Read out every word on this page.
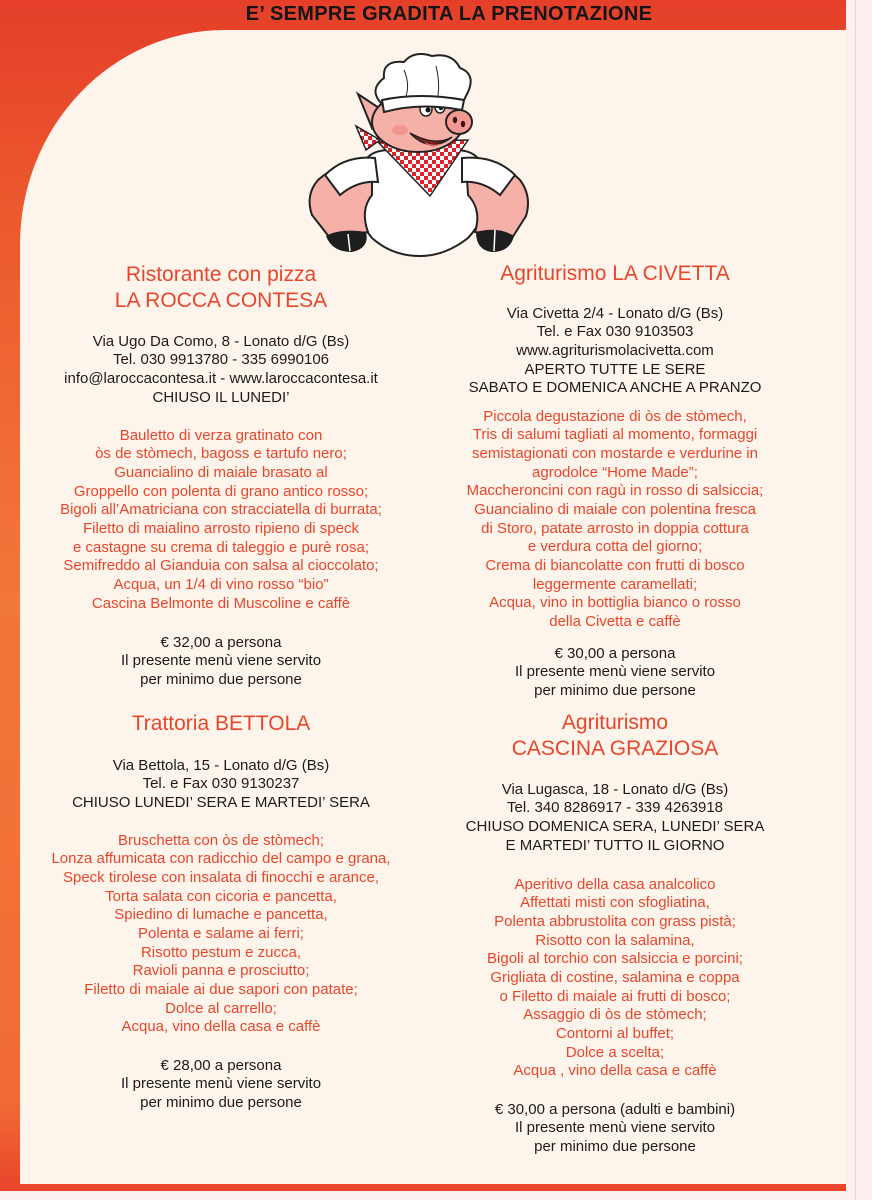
E’ SEMPRE GRADITA LA PRENOTAZIONE
Ristorante con pizza
LA ROCCA CONTESA
Via Ugo Da Como, 8 - Lonato d/G (Bs)
Tel. 030 9913780 - 335 6990106
info@laroccacontesa.it - www.laroccacontesa.it
CHIUSO IL LUNEDI’
Bauletto di verza gratinato con
òs de stòmech, bagoss e tartufo nero;
Guancialino di maiale brasato al
Groppello con polenta di grano antico rosso;
Bigoli all’Amatriciana con stracciatella di burrata;
Filetto di maialino arrosto ripieno di speck
e castagne su crema di taleggio e purè rosa;
Semifreddo al Gianduia con salsa al cioccolato;
Acqua, un 1/4 di vino rosso “bio”
Cascina Belmonte di Muscoline e caffè
€ 32,00 a persona
Il presente menù viene servito
per minimo due persone
Agriturismo LA CIVETTA
Via Civetta 2/4 - Lonato d/G (Bs)
Tel. e Fax 030 9103503
www.agriturismolacivetta.com
APERTO TUTTE LE SERE
SABATO E DOMENICA ANCHE A PRANZO
Piccola degustazione di òs de stòmech,
Tris di salumi tagliati al momento, formaggi
semistagionati con mostarde e verdurine in
agrodolce “Home Made”;
Maccheroncini con ragù in rosso di salsiccia;
Guancialino di maiale con polentina fresca
di Storo, patate arrosto in doppia cottura
e verdura cotta del giorno;
Crema di biancolatte con frutti di bosco
leggermente caramellati;
Acqua, vino in bottiglia bianco o rosso
della Civetta e caffè
€ 30,00 a persona
Il presente menù viene servito
per minimo due persone
Trattoria BETTOLA
Via Bettola, 15 - Lonato d/G (Bs)
Tel. e Fax 030 9130237
CHIUSO LUNEDI’ SERA E MARTEDI’ SERA
Bruschetta con òs de stòmech;
Lonza affumicata con radicchio del campo e grana,
Speck tirolese con insalata di finocchi e arance,
Torta salata con cicoria e pancetta,
Spiedino di lumache e pancetta,
Polenta e salame ai ferri;
Risotto pestum e zucca,
Ravioli panna e prosciutto;
Filetto di maiale ai due sapori con patate;
Dolce al carrello;
Acqua, vino della casa e caffè
€ 28,00 a persona
Il presente menù viene servito
per minimo due persone
Agriturismo
CASCINA GRAZIOSA
Via Lugasca, 18 - Lonato d/G (Bs)
Tel. 340 8286917 - 339 4263918
CHIUSO DOMENICA SERA, LUNEDI’ SERA
E MARTEDI’ TUTTO IL GIORNO
Aperitivo della casa analcolico
Affettati misti con sfogliatina,
Polenta abbrustolita con grass pistà;
Risotto con la salamina,
Bigoli al torchio con salsiccia e porcini;
Grigliata di costine, salamina e coppa
o Filetto di maiale ai frutti di bosco;
Assaggio di òs de stòmech;
Contorni al buffet;
Dolce a scelta;
Acqua , vino della casa e caffè
€ 30,00 a persona (adulti e bambini)
Il presente menù viene servito
per minimo due persone
